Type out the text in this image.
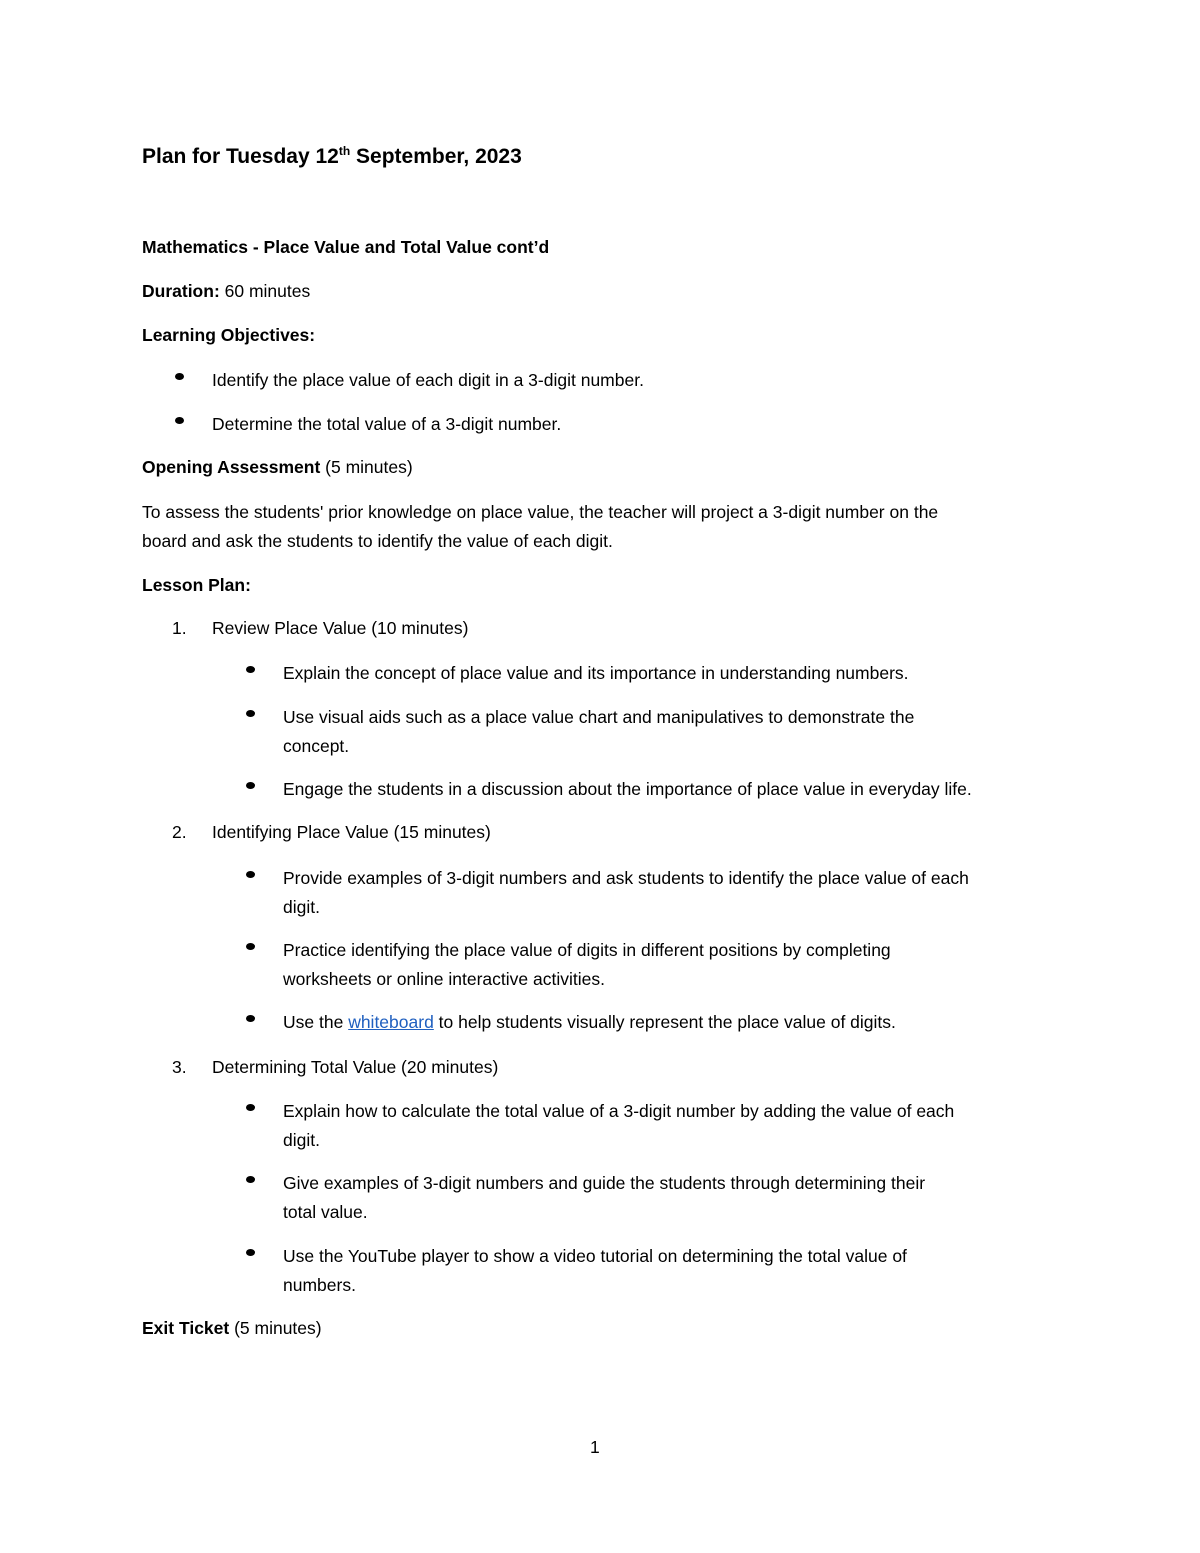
Plan for Tuesday 12th September, 2023
Mathematics - Place Value and Total Value cont’d
Duration: 60 minutes
Learning Objectives:
Identify the place value of each digit in a 3-digit number.
Determine the total value of a 3-digit number.
Opening Assessment (5 minutes)
To assess the students' prior knowledge on place value, the teacher will project a 3-digit number on the
board and ask the students to identify the value of each digit.
Lesson Plan:
1. Review Place Value (10 minutes)
Explain the concept of place value and its importance in understanding numbers.
Use visual aids such as a place value chart and manipulatives to demonstrate the
concept.
Engage the students in a discussion about the importance of place value in everyday life.
2. Identifying Place Value (15 minutes)
Provide examples of 3-digit numbers and ask students to identify the place value of each
digit.
Practice identifying the place value of digits in different positions by completing
worksheets or online interactive activities.
Use the whiteboard to help students visually represent the place value of digits.
3. Determining Total Value (20 minutes)
Explain how to calculate the total value of a 3-digit number by adding the value of each
digit.
Give examples of 3-digit numbers and guide the students through determining their
total value.
Use the YouTube player to show a video tutorial on determining the total value of
numbers.
Exit Ticket (5 minutes)
1
